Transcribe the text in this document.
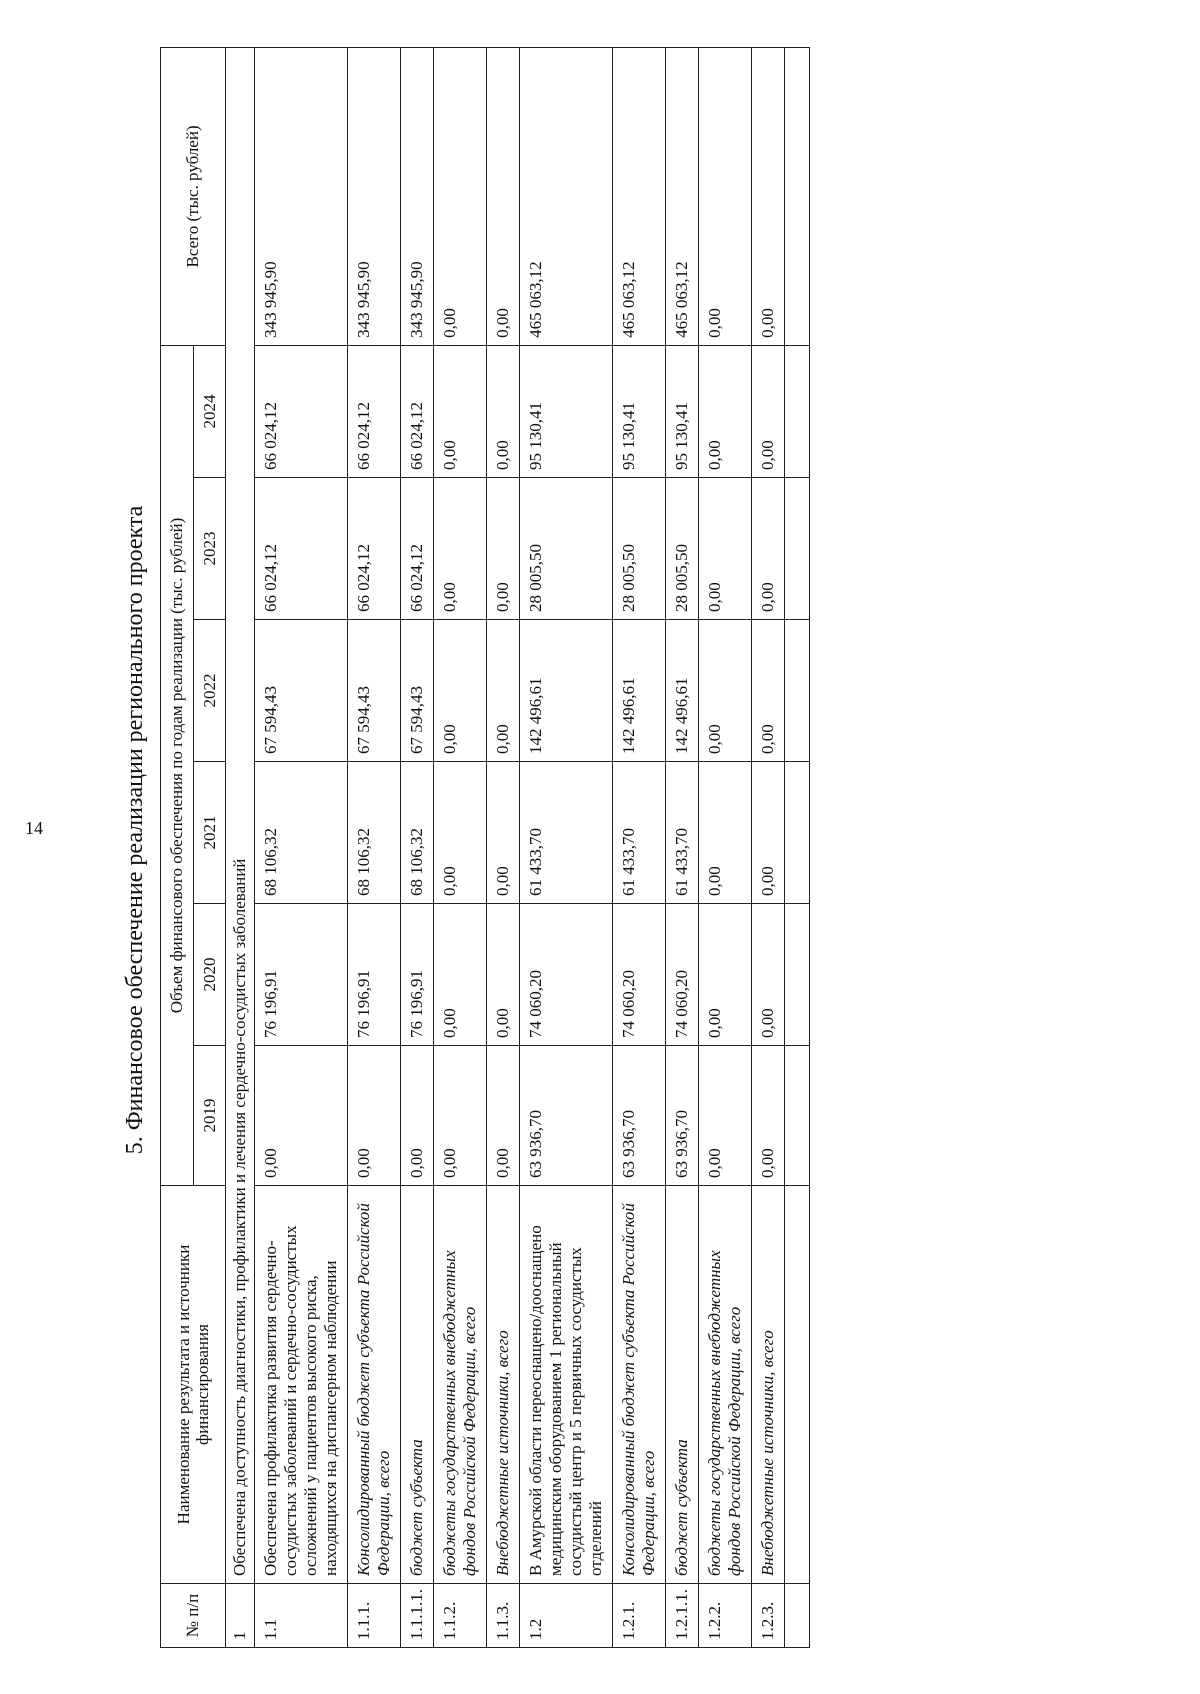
14	5. Финансовое обеспечение реализации регионального проекта
№ п/п	Наименование результата и источники финансирования	Объем финансового обеспечения по годам реализации (тыс. рублей)						Всего (тыс. рублей)
		2019	2020	2021	2022	2023	2024	
1	Обеспечена доступность диагностики, профилактики и лечения сердечно-сосудистых заболеваний							
1.1	Обеспечена профилактика развития сердечно-сосудистых заболеваний и сердечно-сосудистых осложнений у пациентов высокого риска, находящихся на диспансерном наблюдении	0,00	76 196,91	68 106,32	67 594,43	66 024,12	66 024,12	343 945,90
1.1.1.	Консолидированный бюджет субъекта Российской Федерации, всего	0,00	76 196,91	68 106,32	67 594,43	66 024,12	66 024,12	343 945,90
1.1.1.1.	бюджет субъекта	0,00	76 196,91	68 106,32	67 594,43	66 024,12	66 024,12	343 945,90
1.1.2.	бюджеты государственных внебюджетных фондов Российской Федерации, всего	0,00	0,00	0,00	0,00	0,00	0,00	0,00
1.1.3.	Внебюджетные источники, всего	0,00	0,00	0,00	0,00	0,00	0,00	0,00
1.2	В Амурской области переоснащено/дооснащено медицинским оборудованием 1 региональный сосудистый центр и 5 первичных сосудистых отделений	63 936,70	74 060,20	61 433,70	142 496,61	28 005,50	95 130,41	465 063,12
1.2.1.	Консолидированный бюджет субъекта Российской Федерации, всего	63 936,70	74 060,20	61 433,70	142 496,61	28 005,50	95 130,41	465 063,12
1.2.1.1.	бюджет субъекта	63 936,70	74 060,20	61 433,70	142 496,61	28 005,50	95 130,41	465 063,12
1.2.2.	бюджеты государственных внебюджетных фондов Российской Федерации, всего	0,00	0,00	0,00	0,00	0,00	0,00	0,00
1.2.3.	Внебюджетные источники, всего	0,00	0,00	0,00	0,00	0,00	0,00	0,00
